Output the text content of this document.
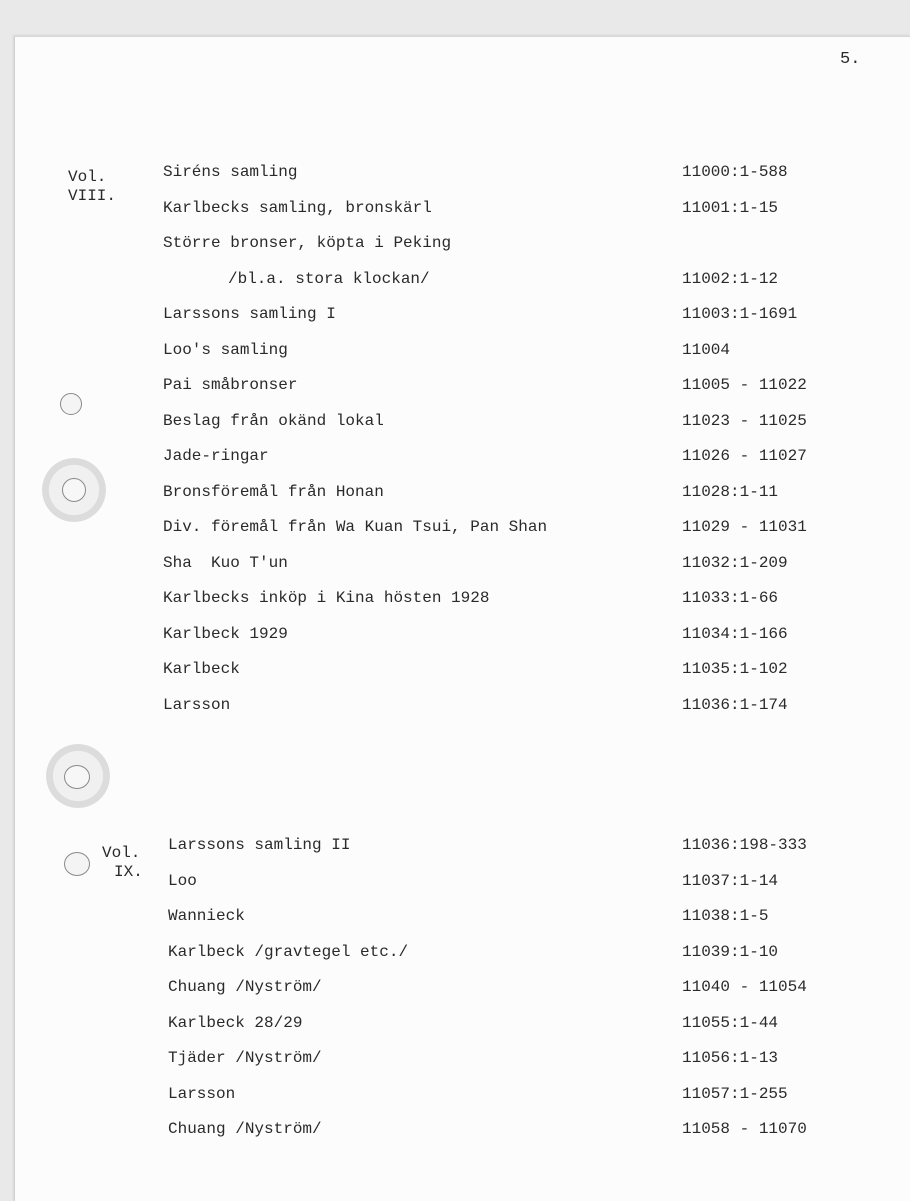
5.
Vol.
VIII.
Siréns samling	11000:1-588
Karlbecks samling, bronskärl	11001:1-15
Större bronser, köpta i Peking
/bl.a. stora klockan/	11002:1-12
Larssons samling I	11003:1-1691
Loo's samling	11004
Pai småbronser	11005 - 11022
Beslag från okänd lokal	11023 - 11025
Jade-ringar	11026 - 11027
Bronsföremål från Honan	11028:1-11
Div. föremål från Wa Kuan Tsui, Pan Shan	11029 - 11031
Sha  Kuo T'un	11032:1-209
Karlbecks inköp i Kina hösten 1928	11033:1-66
Karlbeck 1929	11034:1-166
Karlbeck	11035:1-102
Larsson	11036:1-174
Vol.
IX.
Larssons samling II	11036:198-333
Loo	11037:1-14
Wannieck	11038:1-5
Karlbeck /gravtegel etc./	11039:1-10
Chuang /Nyström/	11040 - 11054
Karlbeck 28/29	11055:1-44
Tjäder /Nyström/	11056:1-13
Larsson	11057:1-255
Chuang /Nyström/	11058 - 11070
